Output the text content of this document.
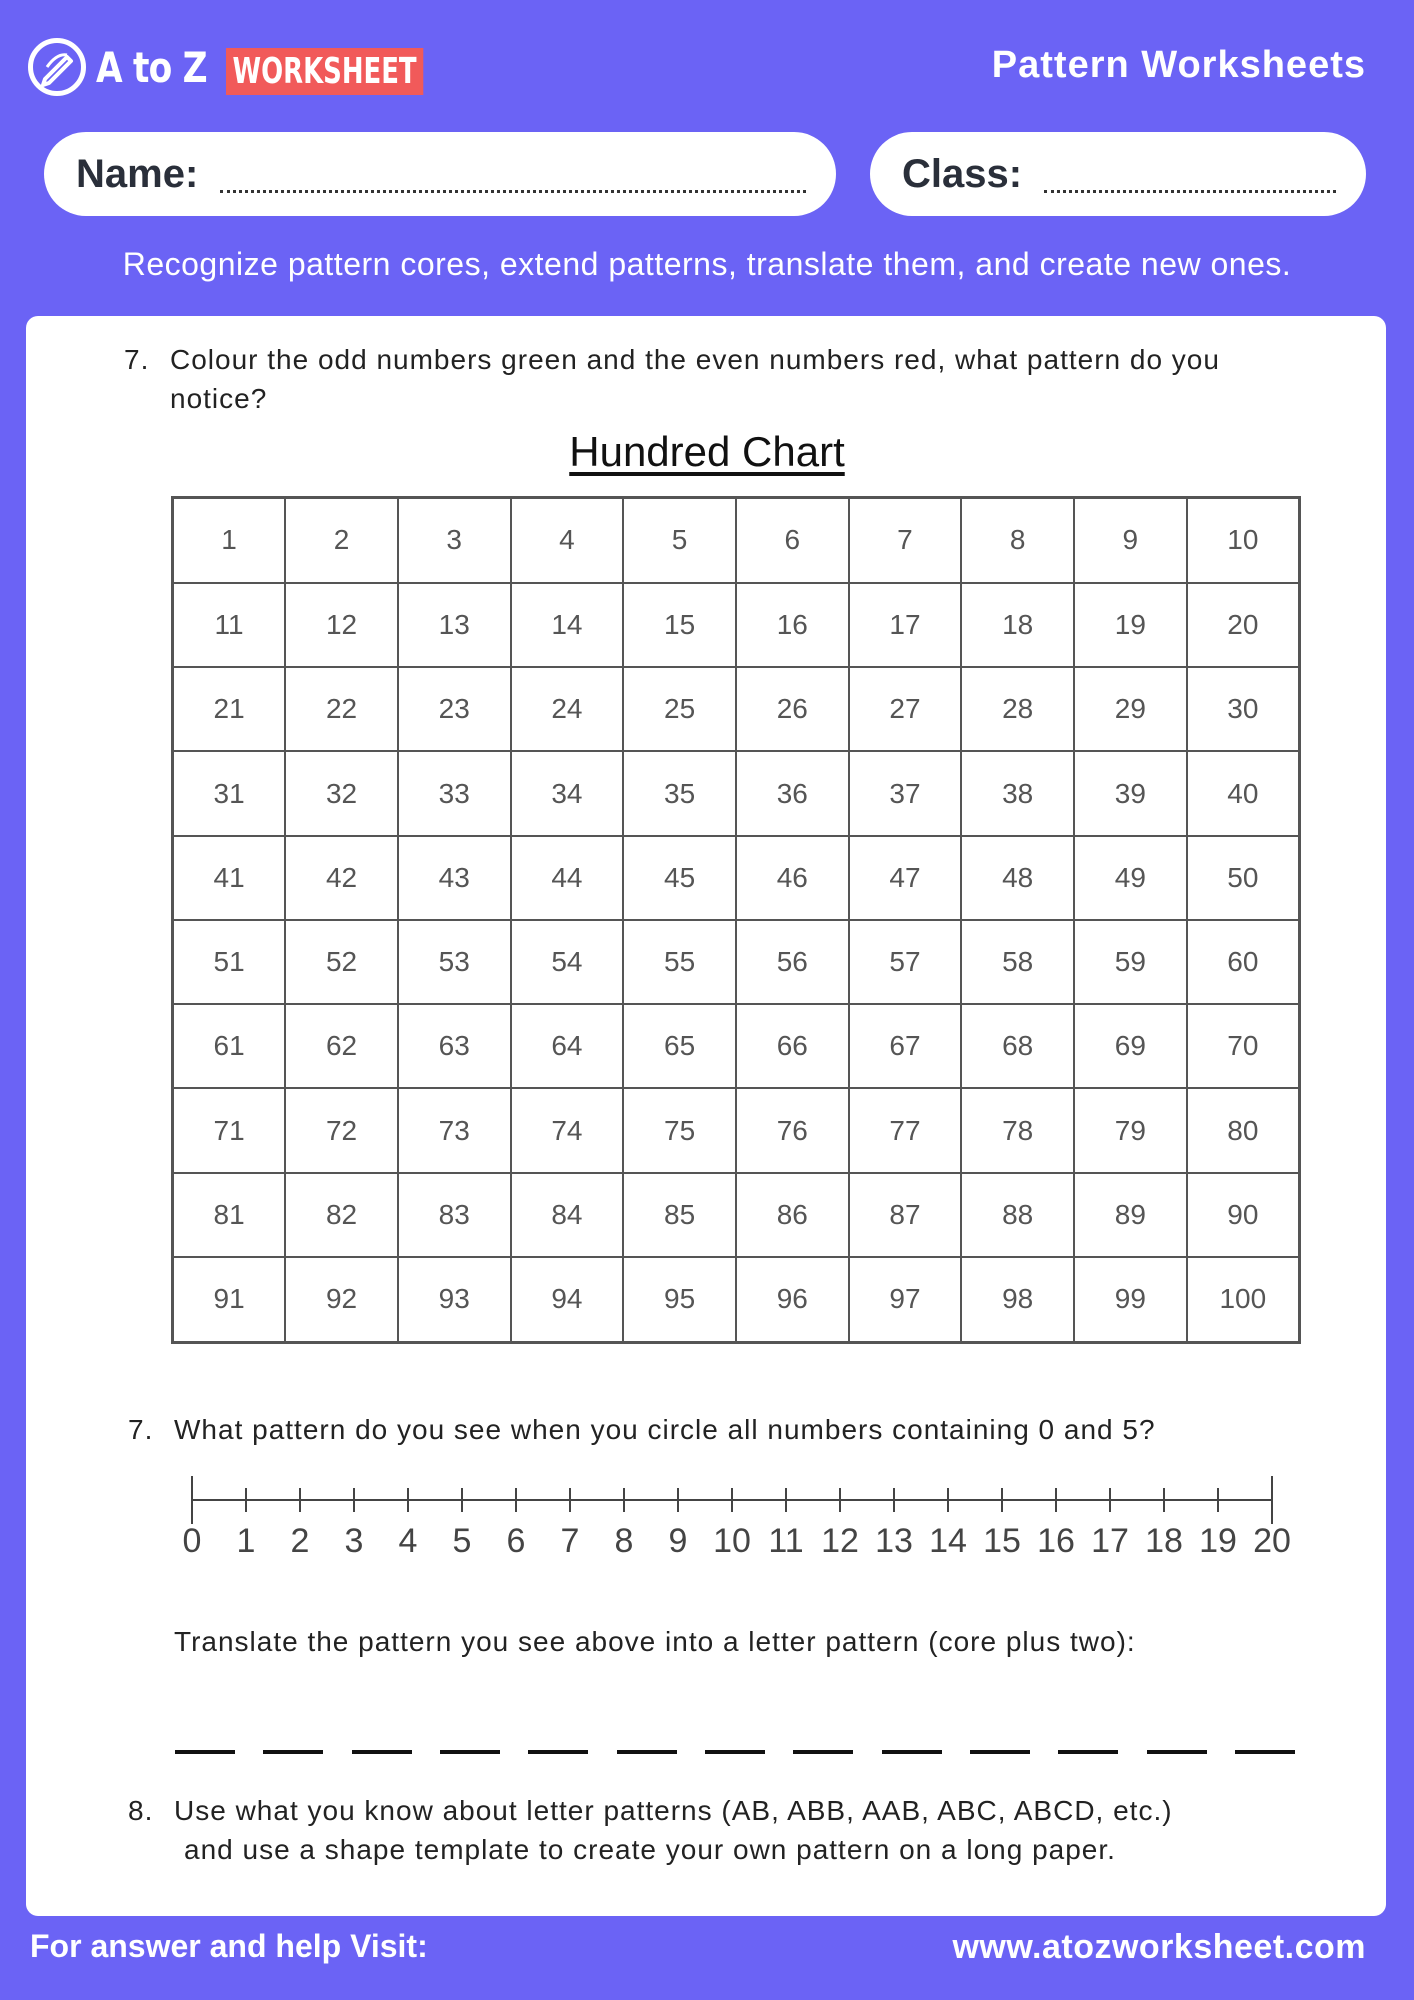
A to Z WORKSHEET	Pattern Worksheets
Name:	Class:
Recognize pattern cores, extend patterns, translate them, and create new ones.
7. Colour the odd numbers green and the even numbers red, what pattern do you notice?
Hundred Chart
1	2	3	4	5	6	7	8	9	10
11	12	13	14	15	16	17	18	19	20
21	22	23	24	25	26	27	28	29	30
31	32	33	34	35	36	37	38	39	40
41	42	43	44	45	46	47	48	49	50
51	52	53	54	55	56	57	58	59	60
61	62	63	64	65	66	67	68	69	70
71	72	73	74	75	76	77	78	79	80
81	82	83	84	85	86	87	88	89	90
91	92	93	94	95	96	97	98	99	100
7. What pattern do you see when you circle all numbers containing 0 and 5?
0 1 2 3 4 5 6 7 8 9 10 11 12 13 14 15 16 17 18 19 20
Translate the pattern you see above into a letter pattern (core plus two):
8. Use what you know about letter patterns (AB, ABB, AAB, ABC, ABCD, etc.)
and use a shape template to create your own pattern on a long paper.
For answer and help Visit:	www.atozworksheet.com
